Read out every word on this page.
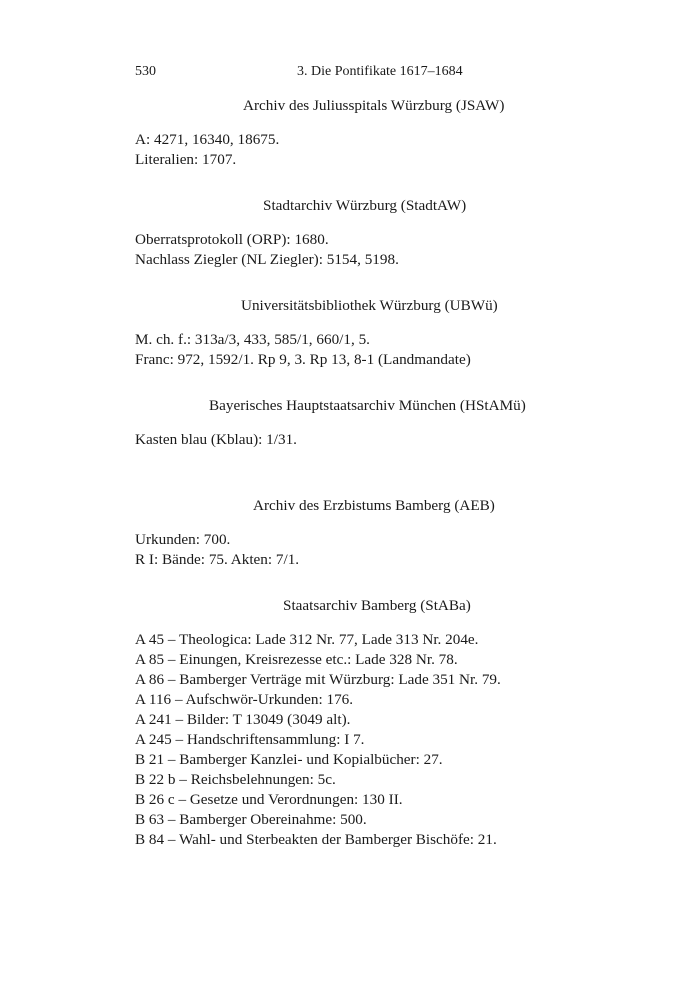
530	3. Die Pontifikate 1617–1684
Archiv des Juliusspitals Würzburg (JSAW)
A: 4271, 16340, 18675.
Literalien: 1707.
Stadtarchiv Würzburg (StadtAW)
Oberratsprotokoll (ORP): 1680.
Nachlass Ziegler (NL Ziegler): 5154, 5198.
Universitätsbibliothek Würzburg (UBWü)
M. ch. f.: 313a/3, 433, 585/1, 660/1, 5.
Franc: 972, 1592/1. Rp 9, 3. Rp 13, 8-1 (Landmandate)
Bayerisches Hauptstaatsarchiv München (HStAMü)
Kasten blau (Kblau): 1/31.
Archiv des Erzbistums Bamberg (AEB)
Urkunden: 700.
R I: Bände: 75. Akten: 7/1.
Staatsarchiv Bamberg (StABa)
A 45 – Theologica: Lade 312 Nr. 77, Lade 313 Nr. 204e.
A 85 – Einungen, Kreisrezesse etc.: Lade 328 Nr. 78.
A 86 – Bamberger Verträge mit Würzburg: Lade 351 Nr. 79.
A 116 – Aufschwör-Urkunden: 176.
A 241 – Bilder: T 13049 (3049 alt).
A 245 – Handschriftensammlung: I 7.
B 21 – Bamberger Kanzlei- und Kopialbücher: 27.
B 22 b – Reichsbelehnungen: 5c.
B 26 c – Gesetze und Verordnungen: 130 II.
B 63 – Bamberger Obereinahme: 500.
B 84 – Wahl- und Sterbeakten der Bamberger Bischöfe: 21.
